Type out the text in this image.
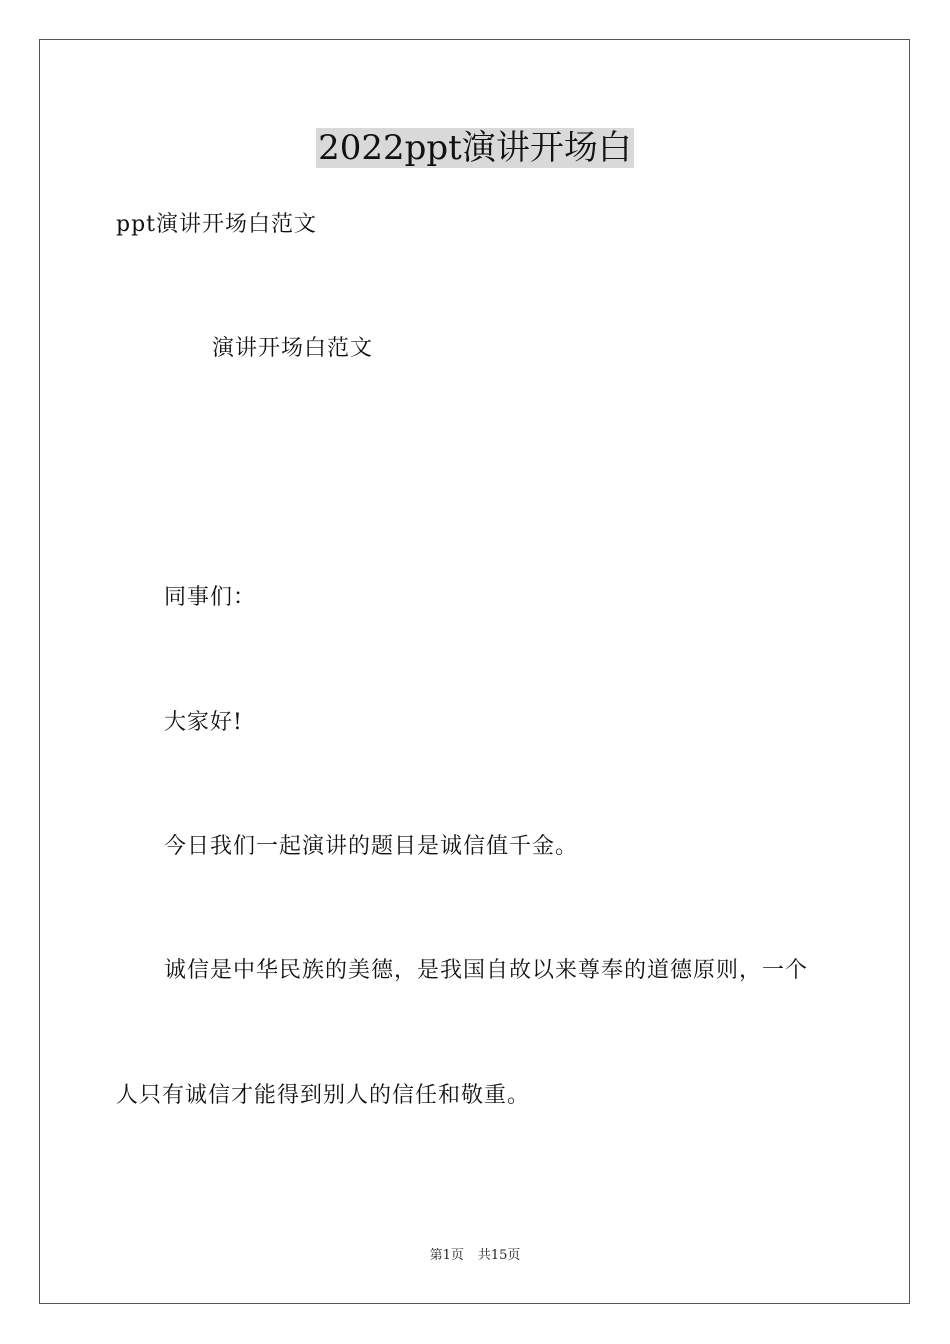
2022ppt演讲开场白

ppt演讲开场白范文

演讲开场白范文

同事们：

大家好!

今日我们一起演讲的题目是诚信值千金。

诚信是中华民族的美德，是我国自故以来尊奉的道德原则，一个

人只有诚信才能得到别人的信任和敬重。

第1页 共15页
